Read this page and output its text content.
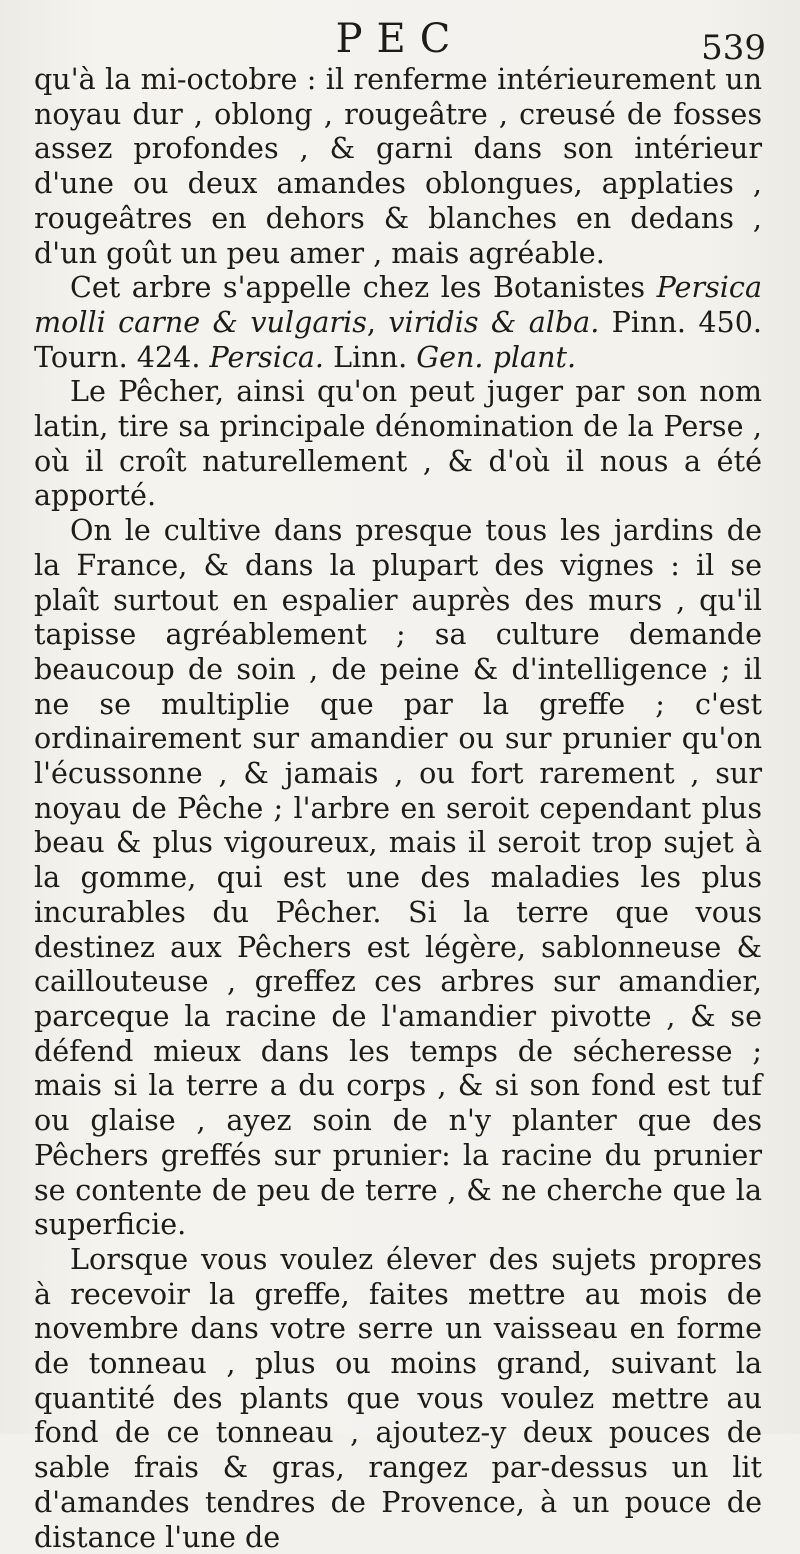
PEC	539

qu'à la mi-octobre : il renferme intérieurement un noyau dur , oblong , rougeâtre , creusé de fosses assez profondes , & garni dans son intérieur d'une ou deux amandes oblongues, applaties , rougeâtres en dehors & blanches en dedans , d'un goût un peu amer , mais agréable.

Cet arbre s'appelle chez les Botanistes Persica molli carne & vulgaris, viridis & alba. Pinn. 450. Tourn. 424. Persica. Linn. Gen. plant.

Le Pêcher, ainsi qu'on peut juger par son nom latin, tire sa principale dénomination de la Perse , où il croît naturellement , & d'où il nous a été apporté.

On le cultive dans presque tous les jardins de la France, & dans la plupart des vignes : il se plaît surtout en espalier auprès des murs , qu'il tapisse agréablement ; sa culture demande beaucoup de soin , de peine & d'intelligence ; il ne se multiplie que par la greffe ; c'est ordinairement sur amandier ou sur prunier qu'on l'écussonne , & jamais , ou fort rarement , sur noyau de Pêche ; l'arbre en seroit cependant plus beau & plus vigoureux, mais il seroit trop sujet à la gomme, qui est une des maladies les plus incurables du Pêcher. Si la terre que vous destinez aux Pêchers est légère, sablonneuse & caillouteuse , greffez ces arbres sur amandier, parceque la racine de l'amandier pivotte , & se défend mieux dans les temps de sécheresse ; mais si la terre a du corps , & si son fond est tuf ou glaise , ayez soin de n'y planter que des Pêchers greffés sur prunier: la racine du prunier se contente de peu de terre , & ne cherche que la superficie.

Lorsque vous voulez élever des sujets propres à recevoir la greffe, faites mettre au mois de novembre dans votre serre un vaisseau en forme de tonneau , plus ou moins grand, suivant la quantité des plants que vous voulez mettre au fond de ce tonneau , ajoutez-y deux pouces de sable frais & gras, rangez par-dessus un lit d'amandes tendres de Provence, à un pouce de distance l'une de
